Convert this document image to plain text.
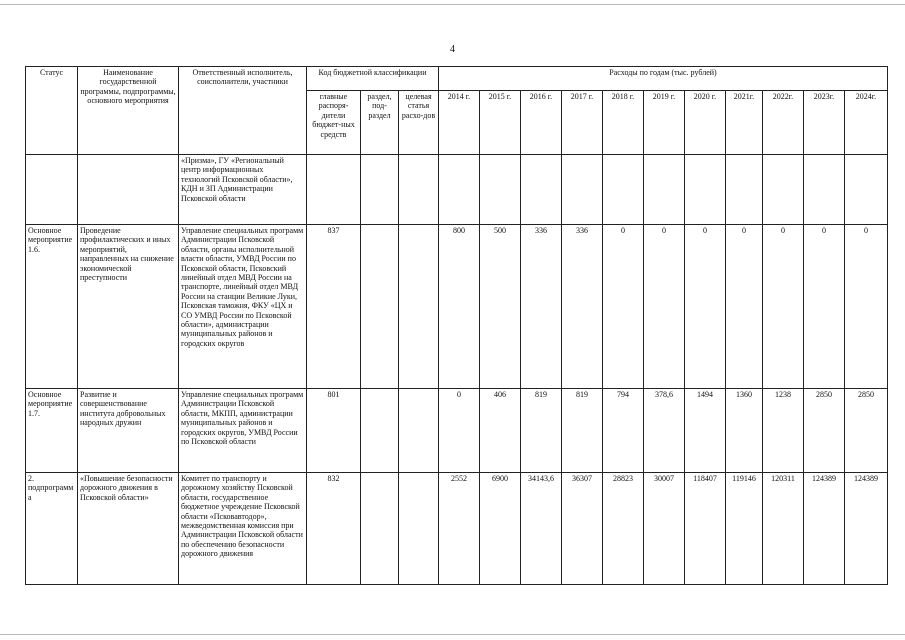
4
Статус	Наименование государственной программы, подпрограммы, основного мероприятия	Ответственный исполнитель, соисполнители, участники	Код бюджетной классификации			Расходы по годам (тыс. рублей)										
			главные распоря-дители бюджет-ных средств	раздел, под-раздел	целевая статья расхо-дов	2014 г.	2015 г.	2016 г.	2017 г.	2018 г.	2019 г.	2020 г.	2021г.	2022г.	2023г.	2024г.
		«Призма», ГУ «Региональный центр информационных технологий Псковской области», КДН и ЗП Администрации Псковской области														
Основное мероприятие 1.6.	Проведение профилактических и иных мероприятий, направленных на снижение экономической преступности	Управление специальных программ Администрации Псковской области, органы исполнительной власти области, УМВД России по Псковской области, Псковский линейный отдел МВД России на транспорте, линейный отдел МВД России на станции Великие Луки, Псковская таможня, ФКУ «ЦХ и СО УМВД России по Псковской области», администрации муниципальных районов и городских округов	837			800	500	336	336	0	0	0	0	0	0	0
Основное мероприятие 1.7.	Развитие и совершенствование института добровольных народных дружин	Управление специальных программ Администрации Псковской области, МКПП, администрации муниципальных районов и городских округов, УМВД России по Псковской области	801			0	406	819	819	794	378,6	1494	1360	1238	2850	2850
2. подпрограмма	«Повышение безопасности дорожного движения в Псковской области»	Комитет по транспорту и дорожному хозяйству Псковской области, государственное бюджетное учреждение Псковской области «Псковавтодор», межведомственная комиссия при Администрации Псковской области по обеспечению безопасности дорожного движения	832			2552	6900	34143,6	36307	28823	30007	118407	119146	120311	124389	124389
